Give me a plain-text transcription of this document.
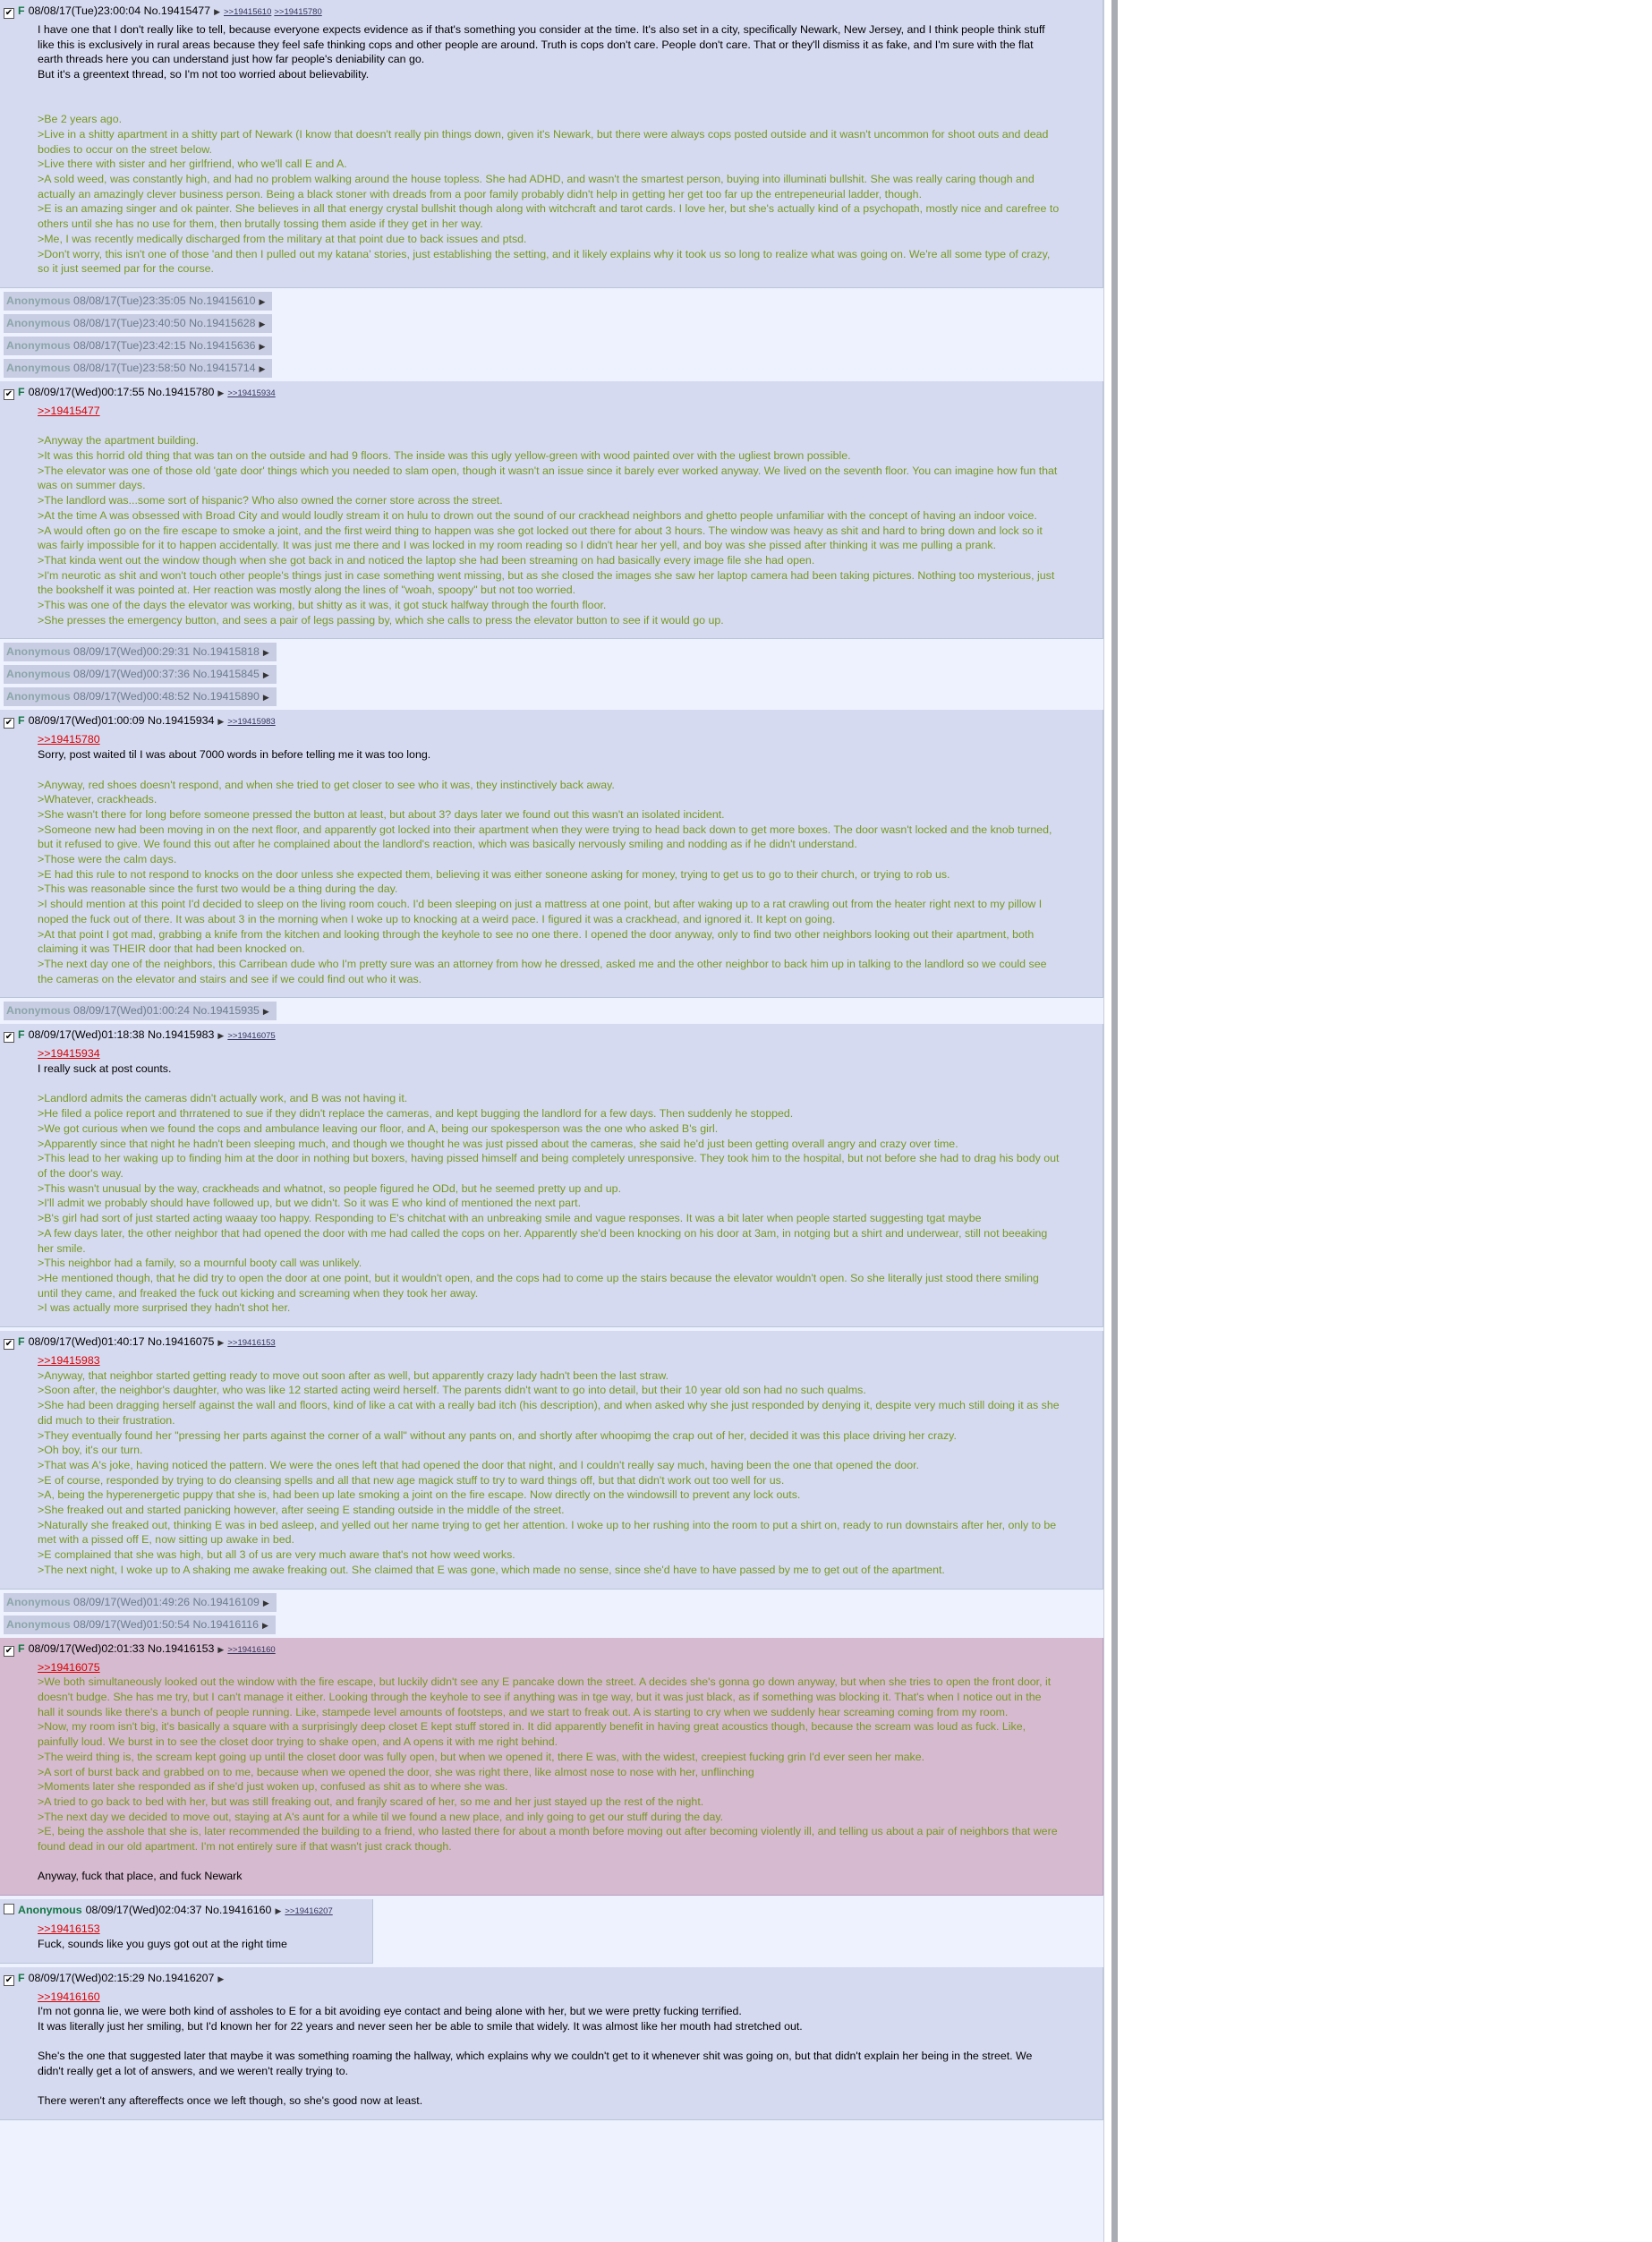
✔ F 08/08/17(Tue)23:00:04 No.19415477 ▶ >>19415610 >>19415780

I have one that I don't really like to tell, because everyone expects evidence as if that's something you consider at the time. It's also set in a city, specifically Newark, New Jersey, and I think people think stuff like this is exclusively in rural areas because they feel safe thinking cops and other people are around. Truth is cops don't care. People don't care. That or they'll dismiss it as fake, and I'm sure with the flat earth threads here you can understand just how far people's deniability can go.

But it's a greentext thread, so I'm not too worried about believability.

>Be 2 years ago.

>Live in a shitty apartment in a shitty part of Newark (I know that doesn't really pin things down, given it's Newark, but there were always cops posted outside and it wasn't uncommon for shoot outs and dead bodies to occur on the street below.

>Live there with sister and her girlfriend, who we'll call E and A.

>A sold weed, was constantly high, and had no problem walking around the house topless. She had ADHD, and wasn't the smartest person, buying into illuminati bullshit. She was really caring though and actually an amazingly clever business person. Being a black stoner with dreads from a poor family probably didn't help in getting her get too far up the entrepeneurial ladder, though.

>E is an amazing singer and ok painter. She believes in all that energy crystal bullshit though along with witchcraft and tarot cards. I love her, but she's actually kind of a psychopath, mostly nice and carefree to others until she has no use for them, then brutally tossing them aside if they get in her way.

>Me, I was recently medically discharged from the military at that point due to back issues and ptsd.

>Don't worry, this isn't one of those 'and then I pulled out my katana' stories, just establishing the setting, and it likely explains why it took us so long to realize what was going on. We're all some type of crazy, so it just seemed par for the course.

Anonymous 08/08/17(Tue)23:35:05 No.19415610 ▶
Anonymous 08/08/17(Tue)23:40:50 No.19415628 ▶
Anonymous 08/08/17(Tue)23:42:15 No.19415636 ▶
Anonymous 08/08/17(Tue)23:58:50 No.19415714 ▶
✔ F 08/09/17(Wed)00:17:55 No.19415780 ▶ >>19415934

>>19415477

>Anyway the apartment building.

>It was this horrid old thing that was tan on the outside and had 9 floors. The inside was this ugly yellow-green with wood painted over with the ugliest brown possible.

>The elevator was one of those old 'gate door' things which you needed to slam open, though it wasn't an issue since it barely ever worked anyway. We lived on the seventh floor. You can imagine how fun that was on summer days.

>The landlord was...some sort of hispanic? Who also owned the corner store across the street.

>At the time A was obsessed with Broad City and would loudly stream it on hulu to drown out the sound of our crackhead neighbors and ghetto people unfamiliar with the concept of having an indoor voice.

>A would often go on the fire escape to smoke a joint, and the first weird thing to happen was she got locked out there for about 3 hours. The window was heavy as shit and hard to bring down and lock so it was fairly impossible for it to happen accidentally. It was just me there and I was locked in my room reading so I didn't hear her yell, and boy was she pissed after thinking it was me pulling a prank.

>That kinda went out the window though when she got back in and noticed the laptop she had been streaming on had basically every image file she had open.

>I'm neurotic as shit and won't touch other people's things just in case something went missing, but as she closed the images she saw her laptop camera had been taking pictures. Nothing too mysterious, just the bookshelf it was pointed at. Her reaction was mostly along the lines of "woah, spoopy" but not too worried.

>This was one of the days the elevator was working, but shitty as it was, it got stuck halfway through the fourth floor.

>She presses the emergency button, and sees a pair of legs passing by, which she calls to press the elevator button to see if it would go up.

Anonymous 08/09/17(Wed)00:29:31 No.19415818 ▶
Anonymous 08/09/17(Wed)00:37:36 No.19415845 ▶
Anonymous 08/09/17(Wed)00:48:52 No.19415890 ▶
✔ F 08/09/17(Wed)01:00:09 No.19415934 ▶ >>19415983

>>19415780

Sorry, post waited til I was about 7000 words in before telling me it was too long.

>Anyway, red shoes doesn't respond, and when she tried to get closer to see who it was, they instinctively back away.

>Whatever, crackheads.

>She wasn't there for long before someone pressed the button at least, but about 3? days later we found out this wasn't an isolated incident.

>Someone new had been moving in on the next floor, and apparently got locked into their apartment when they were trying to head back down to get more boxes. The door wasn't locked and the knob turned, but it refused to give. We found this out after he complained about the landlord's reaction, which was basically nervously smiling and nodding as if he didn't understand.

>Those were the calm days.

>E had this rule to not respond to knocks on the door unless she expected them, believing it was either soneone asking for money, trying to get us to go to their church, or trying to rob us.

>This was reasonable since the furst two would be a thing during the day.

>I should mention at this point I'd decided to sleep on the living room couch. I'd been sleeping on just a mattress at one point, but after waking up to a rat crawling out from the heater right next to my pillow I noped the fuck out of there. It was about 3 in the morning when I woke up to knocking at a weird pace. I figured it was a crackhead, and ignored it. It kept on going.

>At that point I got mad, grabbing a knife from the kitchen and looking through the keyhole to see no one there. I opened the door anyway, only to find two other neighbors looking out their apartment, both claiming it was THEIR door that had been knocked on.

>The next day one of the neighbors, this Carribean dude who I'm pretty sure was an attorney from how he dressed, asked me and the other neighbor to back him up in talking to the landlord so we could see the cameras on the elevator and stairs and see if we could find out who it was.

Anonymous 08/09/17(Wed)01:00:24 No.19415935 ▶
✔ F 08/09/17(Wed)01:18:38 No.19415983 ▶ >>19416075

>>19415934

I really suck at post counts.

>Landlord admits the cameras didn't actually work, and B was not having it.

>He filed a police report and thrratened to sue if they didn't replace the cameras, and kept bugging the landlord for a few days. Then suddenly he stopped.

>We got curious when we found the cops and ambulance leaving our floor, and A, being our spokesperson was the one who asked B's girl.

>Apparently since that night he hadn't been sleeping much, and though we thought he was just pissed about the cameras, she said he'd just been getting overall angry and crazy over time.

>This lead to her waking up to finding him at the door in nothing but boxers, having pissed himself and being completely unresponsive. They took him to the hospital, but not before she had to drag his body out of the door's way.

>This wasn't unusual by the way, crackheads and whatnot, so people figured he ODd, but he seemed pretty up and up.

>I'll admit we probably should have followed up, but we didn't. So it was E who kind of mentioned the next part.

>B's girl had sort of just started acting waaay too happy. Responding to E's chitchat with an unbreaking smile and vague responses. It was a bit later when people started suggesting tgat maybe

>A few days later, the other neighbor that had opened the door with me had called the cops on her. Apparently she'd been knocking on his door at 3am, in notging but a shirt and underwear, still not beeaking her smile.

>This neighbor had a family, so a mournful booty call was unlikely.

>He mentioned though, that he did try to open the door at one point, but it wouldn't open, and the cops had to come up the stairs because the elevator wouldn't open. So she literally just stood there smiling until they came, and freaked the fuck out kicking and screaming when they took her away.

>I was actually more surprised they hadn't shot her.

✔ F 08/09/17(Wed)01:40:17 No.19416075 ▶ >>19416153

>>19415983

>Anyway, that neighbor started getting ready to move out soon after as well, but apparently crazy lady hadn't been the last straw.

>Soon after, the neighbor's daughter, who was like 12 started acting weird herself. The parents didn't want to go into detail, but their 10 year old son had no such qualms.

>She had been dragging herself against the wall and floors, kind of like a cat with a really bad itch (his description), and when asked why she just responded by denying it, despite very much still doing it as she did much to their frustration.

>They eventually found her "pressing her parts against the corner of a wall" without any pants on, and shortly after whoopimg the crap out of her, decided it was this place driving her crazy.

>Oh boy, it's our turn.

>That was A's joke, having noticed the pattern. We were the ones left that had opened the door that night, and I couldn't really say much, having been the one that opened the door.

>E of course, responded by trying to do cleansing spells and all that new age magick stuff to try to ward things off, but that didn't work out too well for us.

>A, being the hyperenergetic puppy that she is, had been up late smoking a joint on the fire escape. Now directly on the windowsill to prevent any lock outs.

>She freaked out and started panicking however, after seeing E standing outside in the middle of the street.

>Naturally she freaked out, thinking E was in bed asleep, and yelled out her name trying to get her attention. I woke up to her rushing into the room to put a shirt on, ready to run downstairs after her, only to be met with a pissed off E, now sitting up awake in bed.

>E complained that she was high, but all 3 of us are very much aware that's not how weed works.

>The next night, I woke up to A shaking me awake freaking out. She claimed that E was gone, which made no sense, since she'd have to have passed by me to get out of the apartment.

Anonymous 08/09/17(Wed)01:49:26 No.19416109 ▶
Anonymous 08/09/17(Wed)01:50:54 No.19416116 ▶
✔ F 08/09/17(Wed)02:01:33 No.19416153 ▶ >>19416160

>>19416075

>We both simultaneously looked out the window with the fire escape, but luckily didn't see any E pancake down the street. A decides she's gonna go down anyway, but when she tries to open the front door, it doesn't budge. She has me try, but I can't manage it either. Looking through the keyhole to see if anything was in tge way, but it was just black, as if something was blocking it. That's when I notice out in the hall it sounds like there's a bunch of people running. Like, stampede level amounts of footsteps, and we start to freak out. A is starting to cry when we suddenly hear screaming coming from my room.

>Now, my room isn't big, it's basically a square with a surprisingly deep closet E kept stuff stored in. It did apparently benefit in having great acoustics though, because the scream was loud as fuck. Like, painfully loud. We burst in to see the closet door trying to shake open, and A opens it with me right behind.

>The weird thing is, the scream kept going up until the closet door was fully open, but when we opened it, there E was, with the widest, creepiest fucking grin I'd ever seen her make.

>A sort of burst back and grabbed on to me, because when we opened the door, she was right there, like almost nose to nose with her, unflinching

>Moments later she responded as if she'd just woken up, confused as shit as to where she was.

>A tried to go back to bed with her, but was still freaking out, and franjly scared of her, so me and her just stayed up the rest of the night.

>The next day we decided to move out, staying at A's aunt for a while til we found a new place, and inly going to get our stuff during the day.

>E, being the asshole that she is, later recommended the building to a friend, who lasted there for about a month before moving out after becoming violently ill, and telling us about a pair of neighbors that were found dead in our old apartment. I'm not entirely sure if that wasn't just crack though.

Anyway, fuck that place, and fuck Newark

Anonymous 08/09/17(Wed)02:04:37 No.19416160 ▶ >>19416207

>>19416153

Fuck, sounds like you guys got out at the right time

✔ F 08/09/17(Wed)02:15:29 No.19416207 ▶

>>19416160

I'm not gonna lie, we were both kind of assholes to E for a bit avoiding eye contact and being alone with her, but we were pretty fucking terrified.

It was literally just her smiling, but I'd known her for 22 years and never seen her be able to smile that widely. It was almost like her mouth had stretched out.

She's the one that suggested later that maybe it was something roaming the hallway, which explains why we couldn't get to it whenever shit was going on, but that didn't explain her being in the street. We didn't really get a lot of answers, and we weren't really trying to.

There weren't any aftereffects once we left though, so she's good now at least.
